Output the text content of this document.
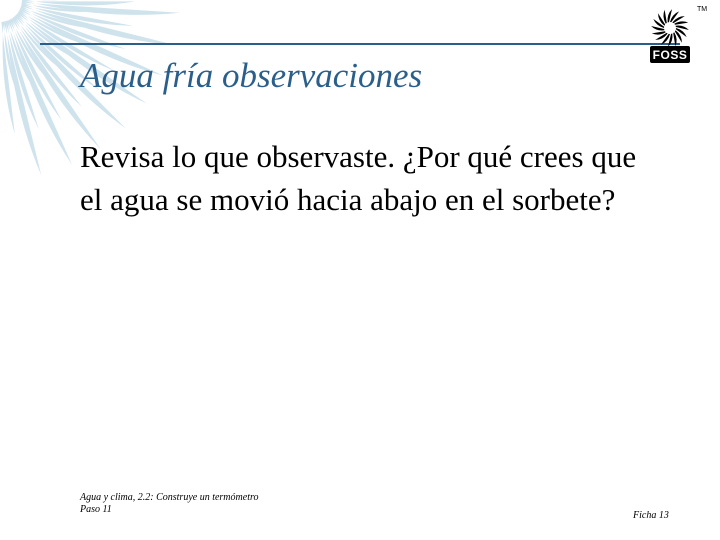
Agua fría observaciones

Revisa lo que observaste. ¿Por qué crees que el agua se movió hacia abajo en el sorbete?

Agua y clima, 2.2: Construye un termómetro
Paso 11
Ficha 13
FOSS
TM
